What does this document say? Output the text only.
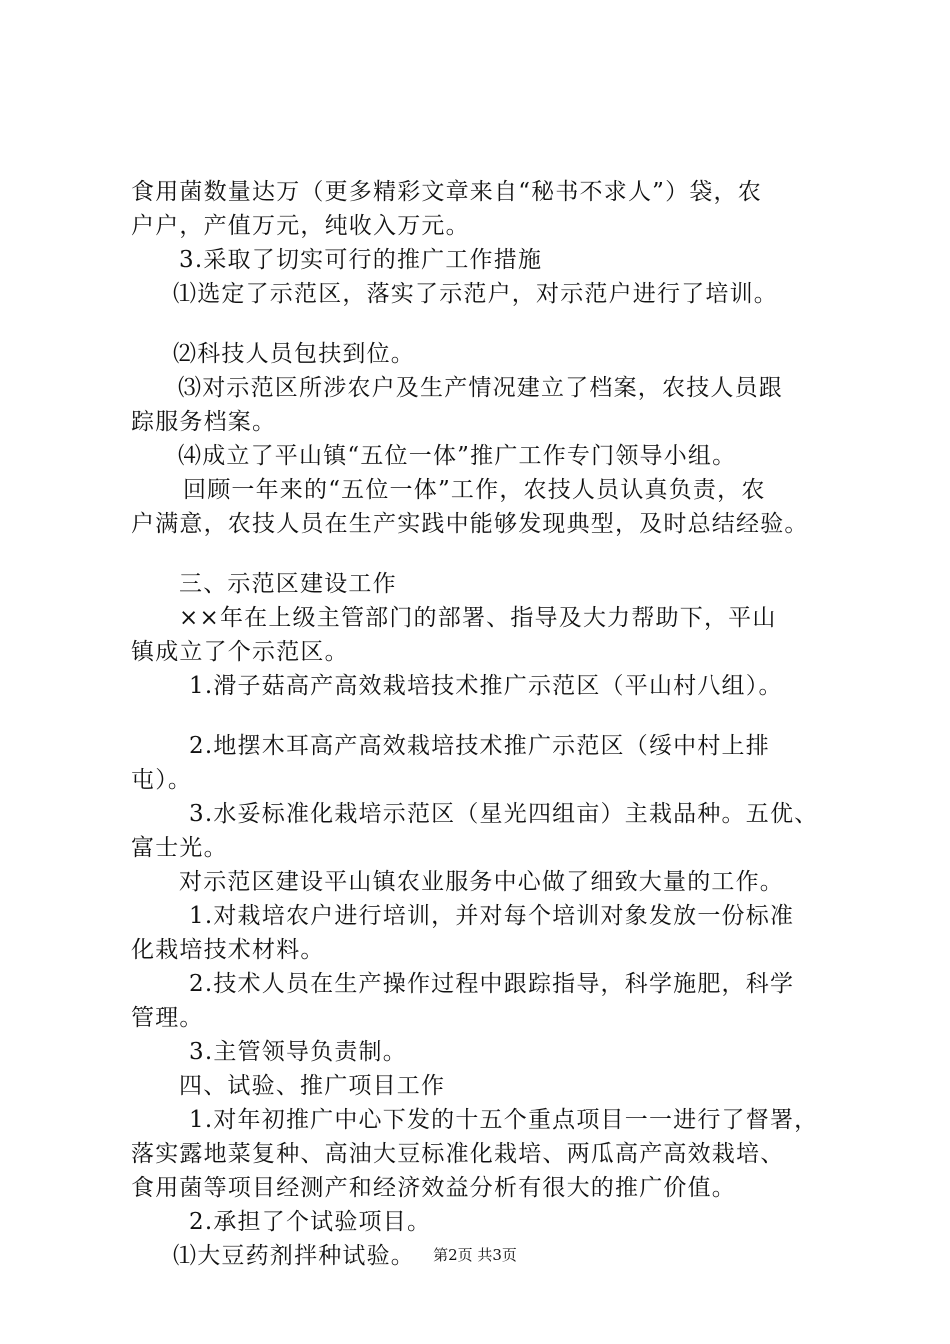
食用菌数量达万（更多精彩文章来自“秘书不求人”）袋，农
户户，产值万元，纯收入万元。
3.采取了切实可行的推广工作措施
⑴选定了示范区，落实了示范户，对示范户进行了培训。
⑵科技人员包扶到位。
⑶对示范区所涉农户及生产情况建立了档案，农技人员跟
踪服务档案。
⑷成立了平山镇“五位一体”推广工作专门领导小组。
回顾一年来的“五位一体”工作，农技人员认真负责，农
户满意，农技人员在生产实践中能够发现典型，及时总结经验。
三、示范区建设工作
××年在上级主管部门的部署、指导及大力帮助下，平山
镇成立了个示范区。
1.滑子菇高产高效栽培技术推广示范区（平山村八组）。
2.地摆木耳高产高效栽培技术推广示范区（绥中村上排
屯）。
3.水妥标准化栽培示范区（星光四组亩）主栽品种。五优、
富士光。
对示范区建设平山镇农业服务中心做了细致大量的工作。
1.对栽培农户进行培训，并对每个培训对象发放一份标准
化栽培技术材料。
2.技术人员在生产操作过程中跟踪指导，科学施肥，科学
管理。
3.主管领导负责制。
四、试验、推广项目工作
1.对年初推广中心下发的十五个重点项目一一进行了督署，
落实露地菜复种、高油大豆标准化栽培、两瓜高产高效栽培、
食用菌等项目经测产和经济效益分析有很大的推广价值。
2.承担了个试验项目。
⑴大豆药剂拌种试验。	第2页 共3页
